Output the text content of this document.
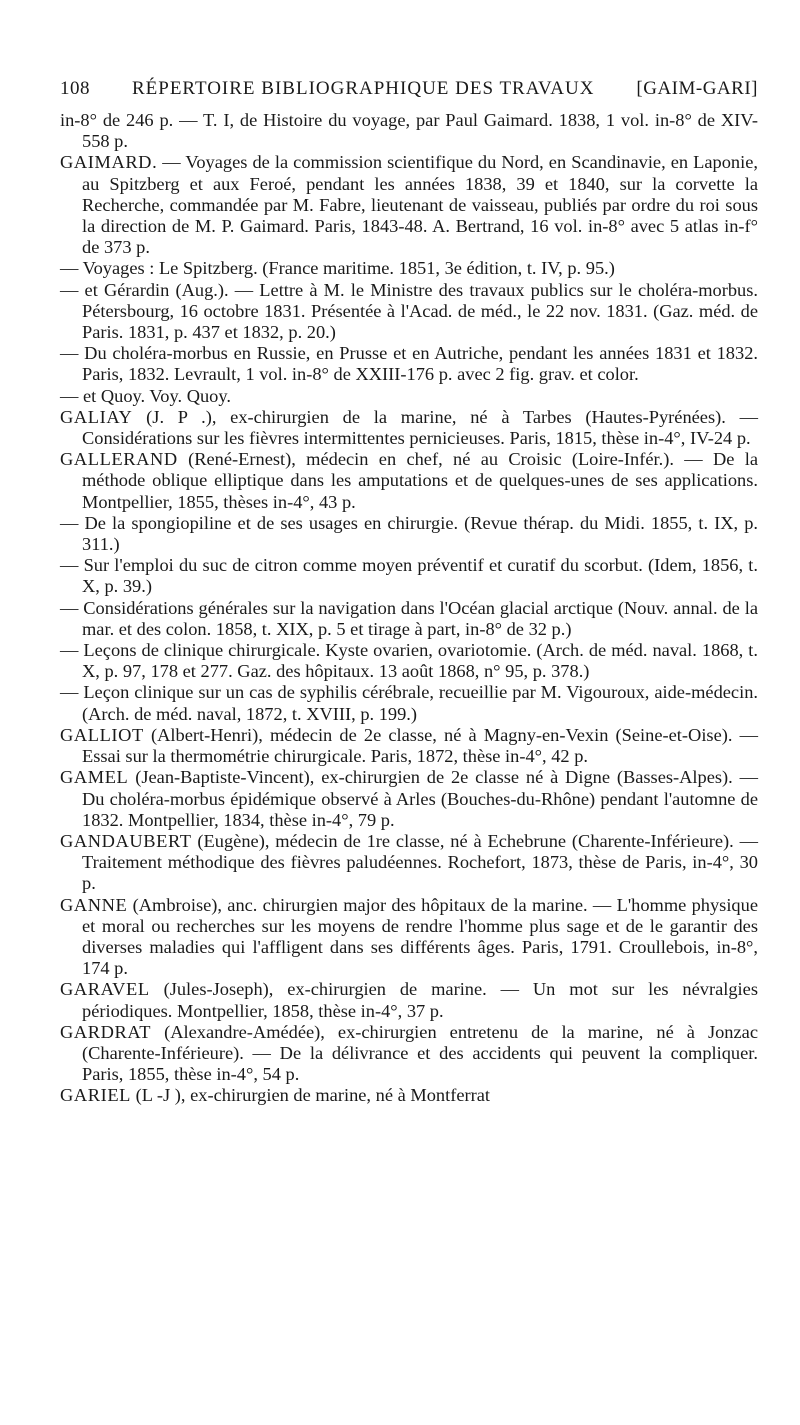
108	RÉPERTOIRE BIBLIOGRAPHIQUE DES TRAVAUX	[GAIM-GARI]

in-8° de 246 p. — T. I, de Histoire du voyage, par Paul Gaimard. 1838, 1 vol. in-8° de XIV-558 p.

GAIMARD. — Voyages de la commission scientifique du Nord, en Scandinavie, en Laponie, au Spitzberg et aux Feroé, pendant les années 1838, 39 et 1840, sur la corvette la Recherche, commandée par M. Fabre, lieutenant de vaisseau, publiés par ordre du roi sous la direction de M. P. Gaimard. Paris, 1843-48. A. Bertrand, 16 vol. in-8° avec 5 atlas in-f° de 373 p.

— Voyages : Le Spitzberg. (France maritime. 1851, 3e édition, t. IV, p. 95.)

— et Gérardin (Aug.). — Lettre à M. le Ministre des travaux publics sur le choléra-morbus. Pétersbourg, 16 octobre 1831. Présentée à l'Acad. de méd., le 22 nov. 1831. (Gaz. méd. de Paris. 1831, p. 437 et 1832, p. 20.)

— Du choléra-morbus en Russie, en Prusse et en Autriche, pendant les années 1831 et 1832. Paris, 1832. Levrault, 1 vol. in-8° de XXIII-176 p. avec 2 fig. grav. et color.

— et Quoy. Voy. Quoy.

GALIAY (J. P .), ex-chirurgien de la marine, né à Tarbes (Hautes-Pyrénées). — Considérations sur les fièvres intermittentes pernicieuses. Paris, 1815, thèse in-4°, IV-24 p.

GALLERAND (René-Ernest), médecin en chef, né au Croisic (Loire-Infér.). — De la méthode oblique elliptique dans les amputations et de quelques-unes de ses applications. Montpellier, 1855, thèses in-4°, 43 p.

— De la spongiopiline et de ses usages en chirurgie. (Revue thérap. du Midi. 1855, t. IX, p. 311.)

— Sur l'emploi du suc de citron comme moyen préventif et curatif du scorbut. (Idem, 1856, t. X, p. 39.)

— Considérations générales sur la navigation dans l'Océan glacial arctique (Nouv. annal. de la mar. et des colon. 1858, t. XIX, p. 5 et tirage à part, in-8° de 32 p.)

— Leçons de clinique chirurgicale. Kyste ovarien, ovariotomie. (Arch. de méd. naval. 1868, t. X, p. 97, 178 et 277. Gaz. des hôpitaux. 13 août 1868, n° 95, p. 378.)

— Leçon clinique sur un cas de syphilis cérébrale, recueillie par M. Vigouroux, aide-médecin. (Arch. de méd. naval, 1872, t. XVIII, p. 199.)

GALLIOT (Albert-Henri), médecin de 2e classe, né à Magny-en-Vexin (Seine-et-Oise). — Essai sur la thermométrie chirurgicale. Paris, 1872, thèse in-4°, 42 p.

GAMEL (Jean-Baptiste-Vincent), ex-chirurgien de 2e classe né à Digne (Basses-Alpes). — Du choléra-morbus épidémique observé à Arles (Bouches-du-Rhône) pendant l'automne de 1832. Montpellier, 1834, thèse in-4°, 79 p.

GANDAUBERT (Eugène), médecin de 1re classe, né à Echebrune (Charente-Inférieure). — Traitement méthodique des fièvres paludéennes. Rochefort, 1873, thèse de Paris, in-4°, 30 p.

GANNE (Ambroise), anc. chirurgien major des hôpitaux de la marine. — L'homme physique et moral ou recherches sur les moyens de rendre l'homme plus sage et de le garantir des diverses maladies qui l'affligent dans ses différents âges. Paris, 1791. Croullebois, in-8°, 174 p.

GARAVEL (Jules-Joseph), ex-chirurgien de marine. — Un mot sur les névralgies périodiques. Montpellier, 1858, thèse in-4°, 37 p.

GARDRAT (Alexandre-Amédée), ex-chirurgien entretenu de la marine, né à Jonzac (Charente-Inférieure). — De la délivrance et des accidents qui peuvent la compliquer. Paris, 1855, thèse in-4°, 54 p.

GARIEL (L -J ), ex-chirurgien de marine, né à Montferrat
